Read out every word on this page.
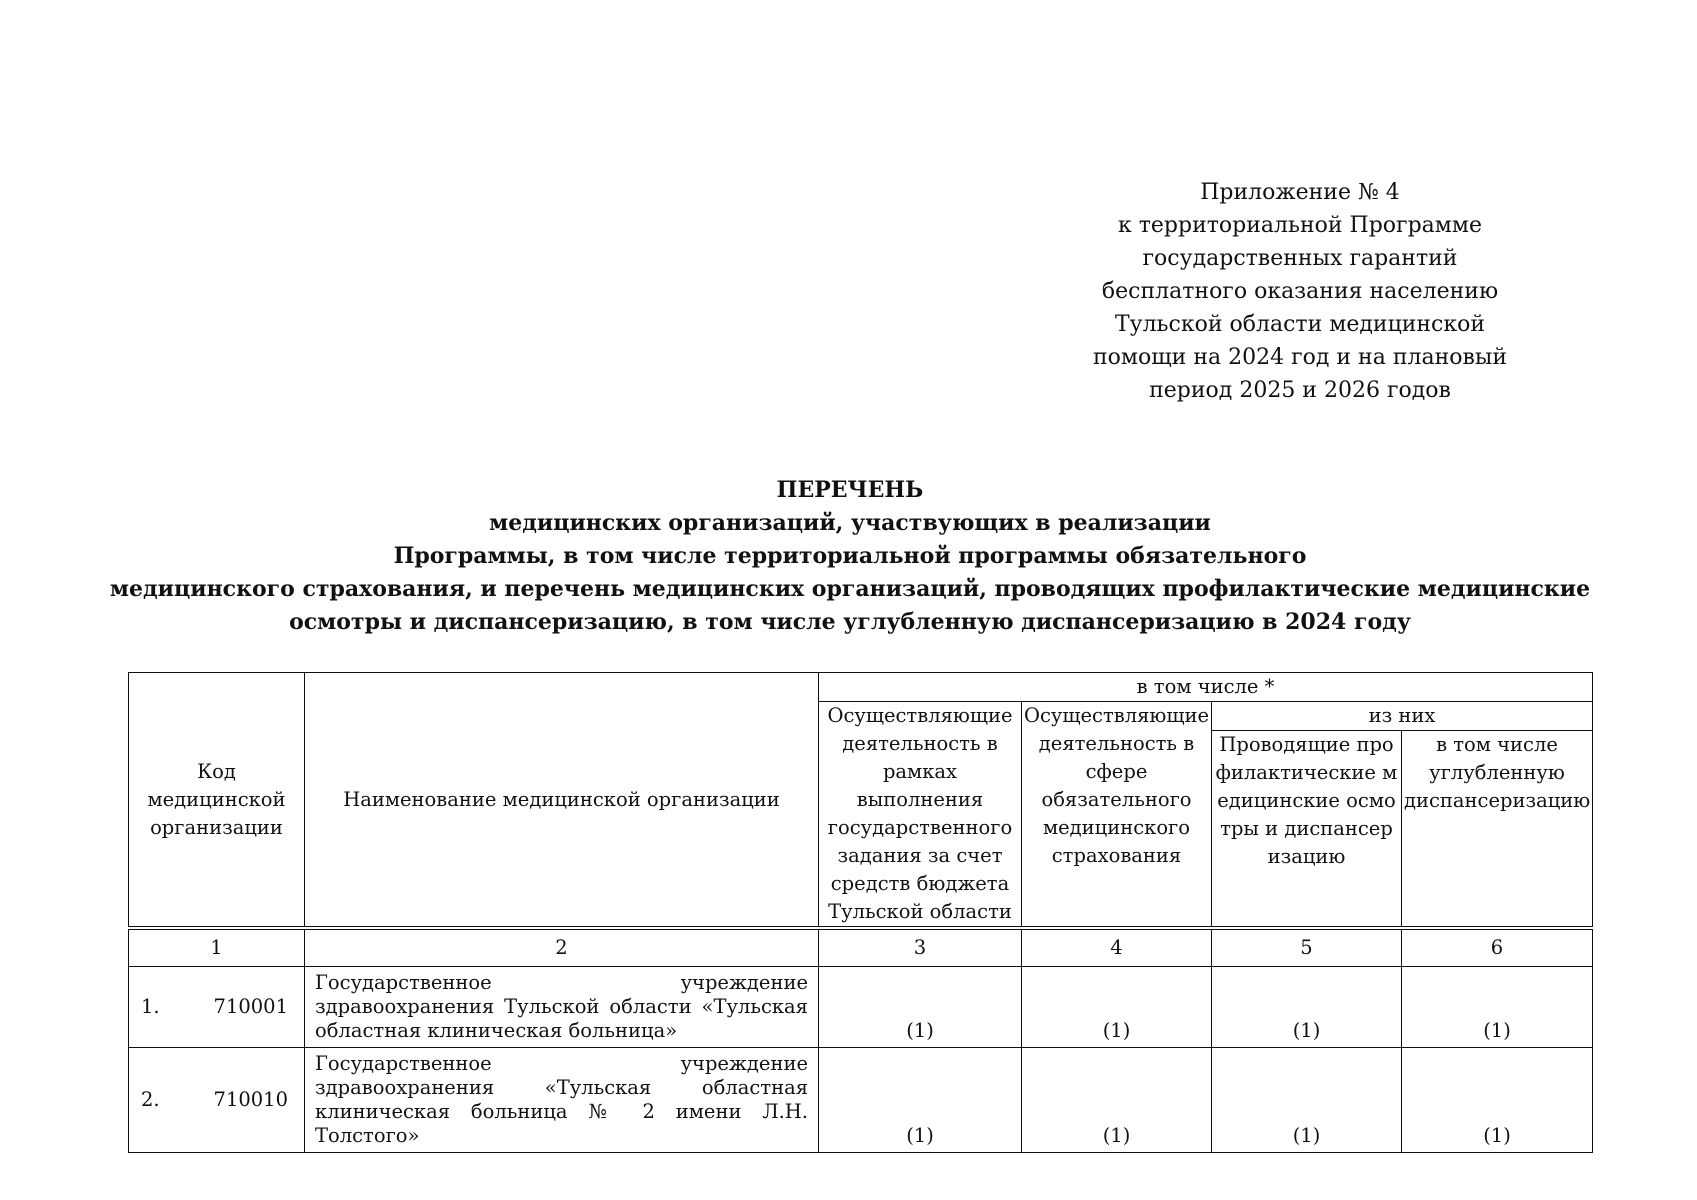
Приложение № 4
к территориальной Программе
государственных гарантий
бесплатного оказания населению
Тульской области медицинской
помощи на 2024 год и на плановый
период 2025 и 2026 годов
ПЕРЕЧЕНЬ
медицинских организаций, участвующих в реализации
Программы, в том числе территориальной программы обязательного
медицинского страхования, и перечень медицинских организаций, проводящих профилактические медицинские
осмотры и диспансеризацию, в том числе углубленную диспансеризацию в 2024 году
Код медицинской организации	Наименование медицинской организации	в том числе *			
		Осуществляющие деятельность в рамках выполнения государственного задания за счет средств бюджета Тульской области	Осуществляющие деятельность в сфере обязательного медицинского страхования	из них	
				Проводящие профилактические медицинские осмотры и диспансеризацию	в том числе углубленную диспансеризацию
1	2	3	4	5	6

1. 710001	Государственное учреждение здравоохранения Тульской области «Тульская областная клиническая больница»	(1)	(1)	(1)	(1)

2. 710010	Государственное учреждение здравоохранения «Тульская областная клиническая больница № 2 имени Л.Н. Толстого»	(1)	(1)	(1)	(1)
